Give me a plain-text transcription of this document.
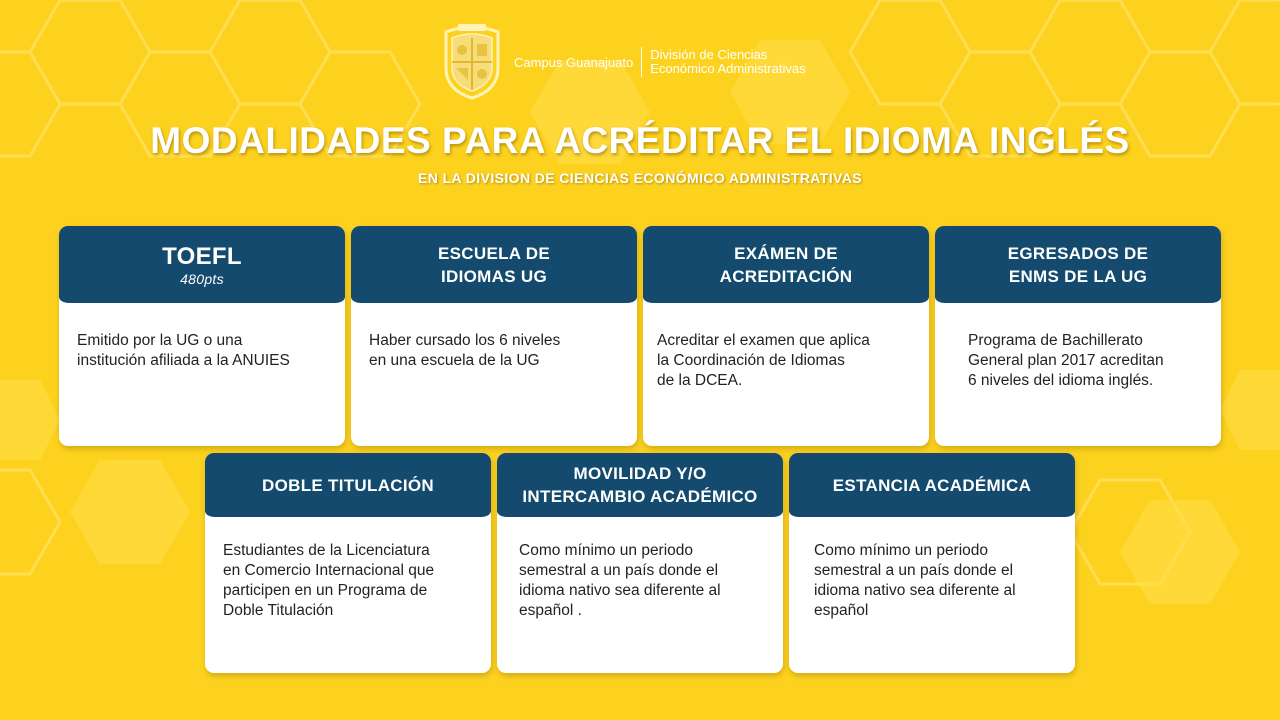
Campus Guanajuato División de Ciencias
Económico Administrativas
MODALIDADES PARA ACRÉDITAR EL IDIOMA INGLÉS
EN LA DIVISION DE CIENCIAS ECONÓMICO ADMINISTRATIVAS
TOEFL
480pts
Emitido por la UG o una
institución afiliada a la ANUIES
ESCUELA DE
IDIOMAS UG
Haber cursado los 6 niveles
en una escuela de la UG
EXÁMEN DE
ACREDITACIÓN
Acreditar el examen que aplica
la Coordinación de Idiomas
de la DCEA.
EGRESADOS DE
ENMS DE LA UG
Programa de Bachillerato
General plan 2017 acreditan
6 niveles del idioma inglés.
DOBLE TITULACIÓN
Estudiantes de la Licenciatura
en Comercio Internacional que
participen en un Programa de
Doble Titulación
MOVILIDAD Y/O
INTERCAMBIO ACADÉMICO
Como mínimo un periodo
semestral a un país donde el
idioma nativo sea diferente al
español .
ESTANCIA ACADÉMICA
Como mínimo un periodo
semestral a un país donde el
idioma nativo sea diferente al
español
